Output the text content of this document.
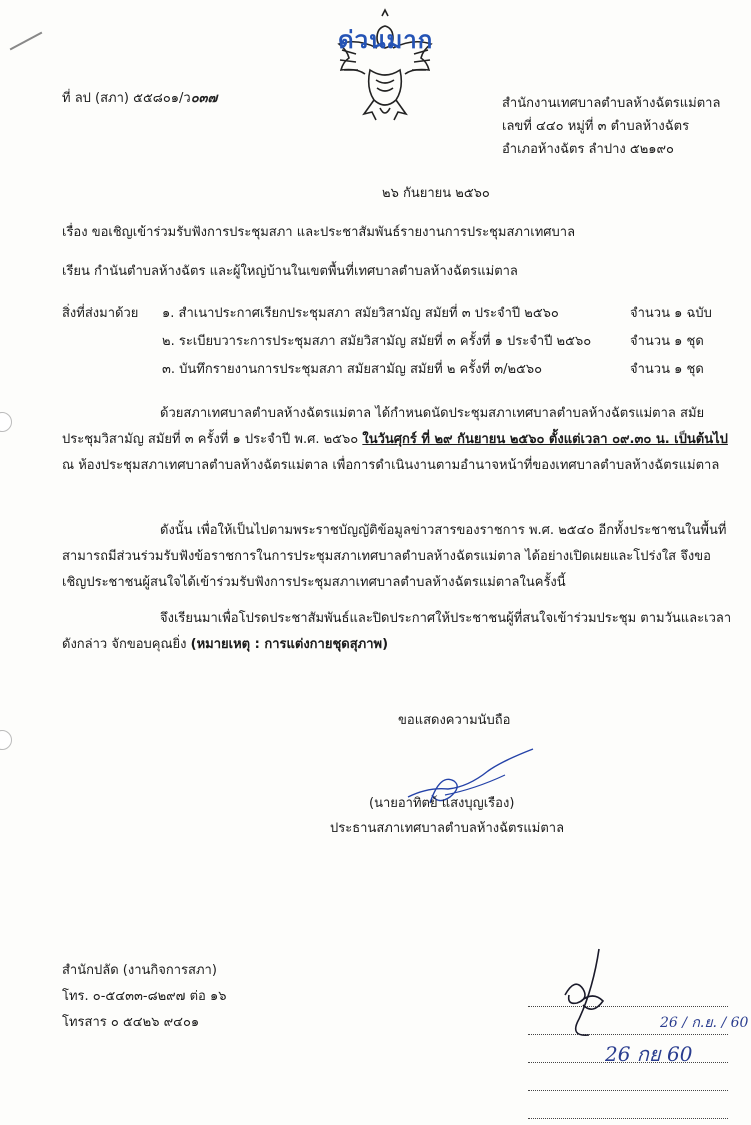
ด่วนมาก
ที่ ลป (สภา) ๕๕๘๐๑/ว๐๓๗	สำนักงานเทศบาลตำบลห้างฉัตรแม่ตาล
เลขที่ ๔๔๐ หมู่ที่ ๓ ตำบลห้างฉัตร
อำเภอห้างฉัตร ลำปาง ๕๒๑๙๐
๒๖ กันยายน ๒๕๖๐
เรื่อง ขอเชิญเข้าร่วมรับฟังการประชุมสภา และประชาสัมพันธ์รายงานการประชุมสภาเทศบาล
เรียน กำนันตำบลห้างฉัตร และผู้ใหญ่บ้านในเขตพื้นที่เทศบาลตำบลห้างฉัตรแม่ตาล
สิ่งที่ส่งมาด้วย ๑. สำเนาประกาศเรียกประชุมสภา สมัยวิสามัญ สมัยที่ ๓ ประจำปี ๒๕๖๐	จำนวน ๑ ฉบับ
๒. ระเบียบวาระการประชุมสภา สมัยวิสามัญ สมัยที่ ๓ ครั้งที่ ๑ ประจำปี ๒๕๖๐	จำนวน ๑ ชุด
๓. บันทึกรายงานการประชุมสภา สมัยสามัญ สมัยที่ ๒ ครั้งที่ ๓/๒๕๖๐	จำนวน ๑ ชุด
ด้วยสภาเทศบาลตำบลห้างฉัตรแม่ตาล ได้กำหนดนัดประชุมสภาเทศบาลตำบลห้างฉัตรแม่ตาล สมัยประชุมวิสามัญ สมัยที่ ๓ ครั้งที่ ๑ ประจำปี พ.ศ. ๒๕๖๐ ในวันศุกร์ ที่ ๒๙ กันยายน ๒๕๖๐ ตั้งแต่เวลา ๐๙.๓๐ น. เป็นต้นไป ณ ห้องประชุมสภาเทศบาลตำบลห้างฉัตรแม่ตาล เพื่อการดำเนินงานตามอำนาจหน้าที่ของเทศบาลตำบลห้างฉัตรแม่ตาล
ดังนั้น เพื่อให้เป็นไปตามพระราชบัญญัติข้อมูลข่าวสารของราชการ พ.ศ. ๒๕๔๐ อีกทั้งประชาชนในพื้นที่สามารถมีส่วนร่วมรับฟังข้อราชการในการประชุมสภาเทศบาลตำบลห้างฉัตรแม่ตาล ได้อย่างเปิดเผยและโปร่งใส จึงขอเชิญประชาชนผู้สนใจได้เข้าร่วมรับฟังการประชุมสภาเทศบาลตำบลห้างฉัตรแม่ตาลในครั้งนี้
จึงเรียนมาเพื่อโปรดประชาสัมพันธ์และปิดประกาศให้ประชาชนผู้ที่สนใจเข้าร่วมประชุม ตามวันและเวลาดังกล่าว จักขอบคุณยิ่ง (หมายเหตุ : การแต่งกายชุดสุภาพ)
ขอแสดงความนับถือ
(นายอาทิตย์ แสงบุญเรือง)
ประธานสภาเทศบาลตำบลห้างฉัตรแม่ตาล
สำนักปลัด (งานกิจการสภา)
โทร. ๐-๕๔๓๓-๘๒๙๗ ต่อ ๑๖
โทรสาร ๐ ๕๔๒๖ ๙๔๐๑	26 / ก.ย. / 60
26 กย 60
